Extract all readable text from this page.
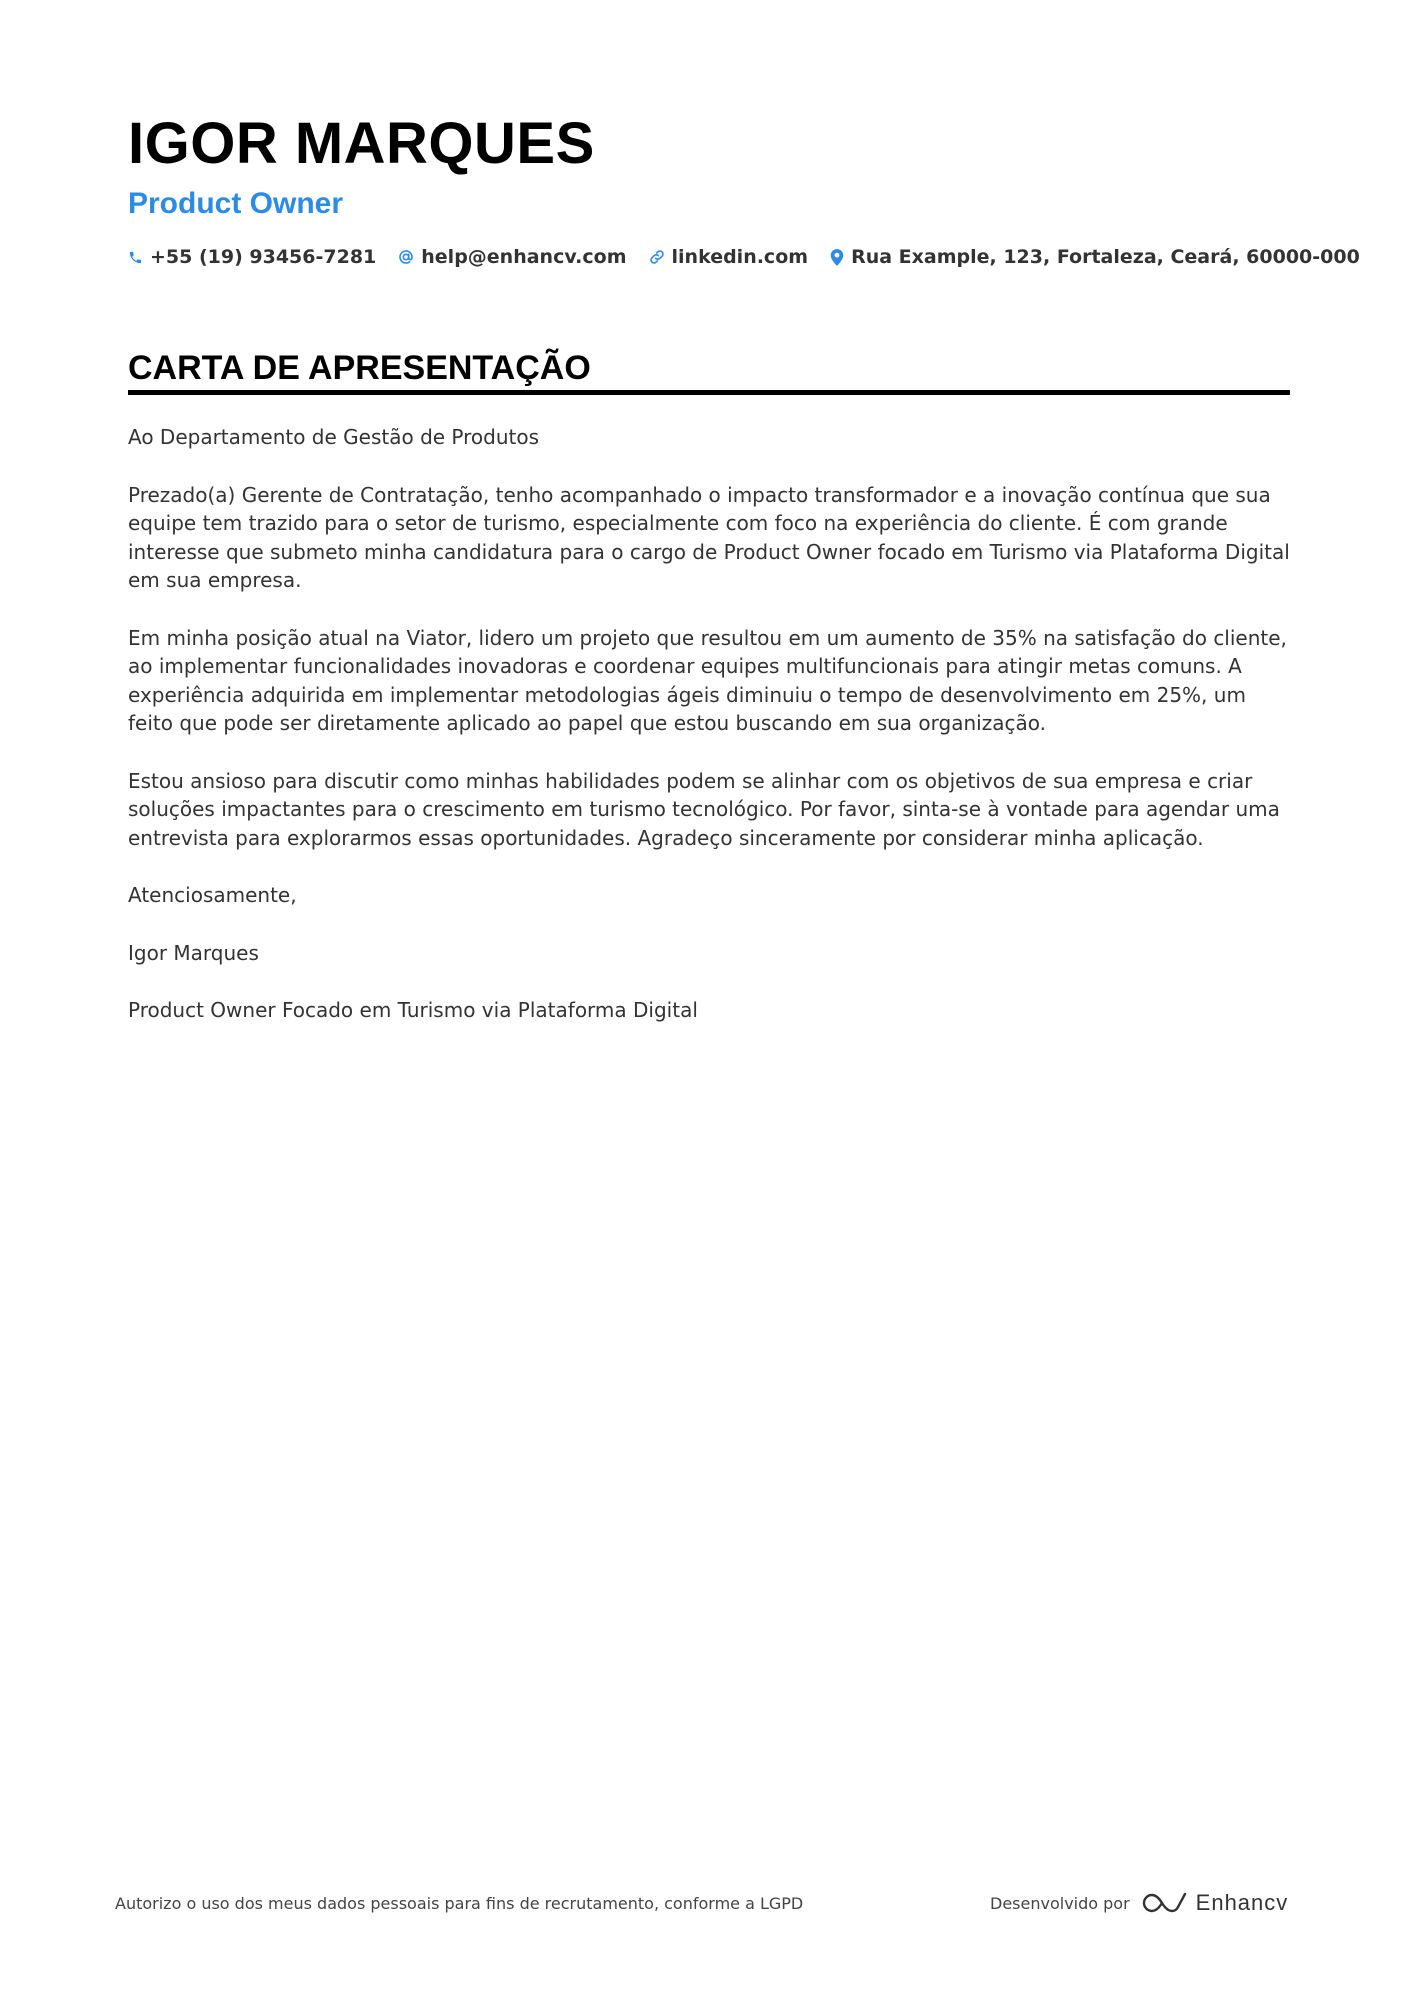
IGOR MARQUES
Product Owner
+55 (19) 93456-7281 help@enhancv.com linkedin.com Rua Example, 123, Fortaleza, Ceará, 60000-000
CARTA DE APRESENTAÇÃO

Ao Departamento de Gestão de Produtos

Prezado(a) Gerente de Contratação, tenho acompanhado o impacto transformador e a inovação contínua que sua equipe tem trazido para o setor de turismo, especialmente com foco na experiência do cliente. É com grande interesse que submeto minha candidatura para o cargo de Product Owner focado em Turismo via Plataforma Digital em sua empresa.

Em minha posição atual na Viator, lidero um projeto que resultou em um aumento de 35% na satisfação do cliente, ao implementar funcionalidades inovadoras e coordenar equipes multifuncionais para atingir metas comuns. A experiência adquirida em implementar metodologias ágeis diminuiu o tempo de desenvolvimento em 25%, um feito que pode ser diretamente aplicado ao papel que estou buscando em sua organização.

Estou ansioso para discutir como minhas habilidades podem se alinhar com os objetivos de sua empresa e criar soluções impactantes para o crescimento em turismo tecnológico. Por favor, sinta-se à vontade para agendar uma entrevista para explorarmos essas oportunidades. Agradeço sinceramente por considerar minha aplicação.

Atenciosamente,

Igor Marques

Product Owner Focado em Turismo via Plataforma Digital

Autorizo o uso dos meus dados pessoais para fins de recrutamento, conforme a LGPD	Desenvolvido por	Enhancv
